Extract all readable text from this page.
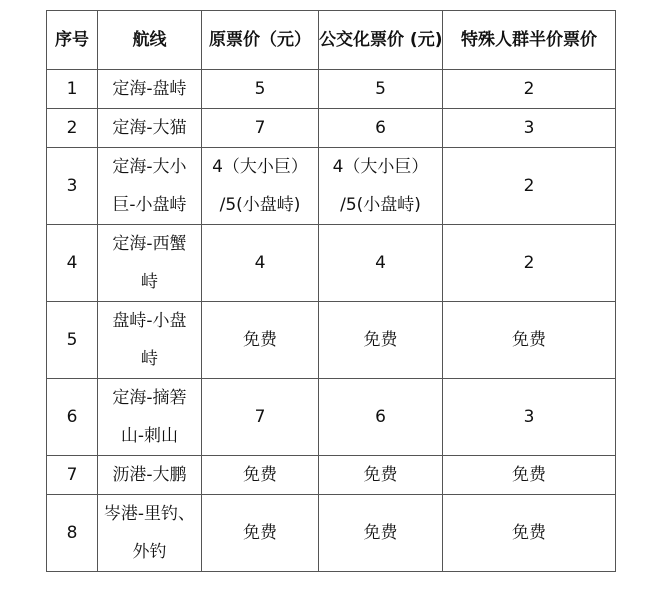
序号	航线	原票价（元）	公交化票价 (元)	特殊人群半价票价
1	定海-盘峙	5	5	2

2	定海-大猫	7	6	3

3	定海-大小
巨-小盘峙	4（大小巨）
/5(小盘峙)	4（大小巨）
/5(小盘峙)	2

4	定海-西蟹
峙	4	4	2

5	盘峙-小盘
峙	免费	免费	免费

6	定海-摘箬
山-刺山	7	6	3

7	沥港-大鹏	免费	免费	免费

8	岑港-里钓、
外钓	免费	免费	免费
